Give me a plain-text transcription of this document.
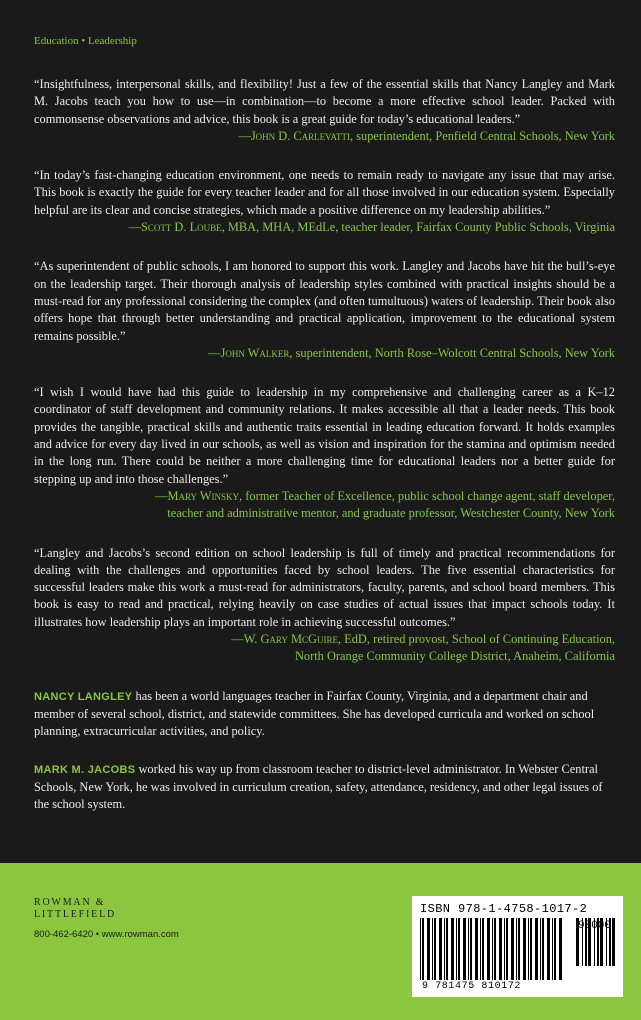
Education • Leadership

“Insightfulness, interpersonal skills, and flexibility! Just a few of the essential skills that Nancy Langley and Mark M. Jacobs teach you how to use—in combination—to become a more effective school leader. Packed with commonsense observations and advice, this book is a great guide for today’s educational leaders.”

—John D. Carlevatti, superintendent, Penfield Central Schools, New York

“In today’s fast-changing education environment, one needs to remain ready to navigate any issue that may arise. This book is exactly the guide for every teacher leader and for all those involved in our education system. Especially helpful are its clear and concise strategies, which made a positive difference on my leadership abilities.”

—Scott D. Loube, MBA, MHA, MEdLe, teacher leader, Fairfax County Public Schools, Virginia

“As superintendent of public schools, I am honored to support this work. Langley and Jacobs have hit the bull’s-eye on the leadership target. Their thorough analysis of leadership styles combined with practical insights should be a must-read for any professional considering the complex (and often tumultuous) waters of leadership. Their book also offers hope that through better understanding and practical application, improvement to the educational system remains possible.”

—John Walker, superintendent, North Rose–Wolcott Central Schools, New York

“I wish I would have had this guide to leadership in my comprehensive and challenging career as a K–12 coordinator of staff development and community relations. It makes accessible all that a leader needs. This book provides the tangible, practical skills and authentic traits essential in leading education forward. It holds examples and advice for every day lived in our schools, as well as vision and inspiration for the stamina and optimism needed in the long run. There could be neither a more challenging time for educational leaders nor a better guide for stepping up and into those challenges.”

—Mary Winsky, former Teacher of Excellence, public school change agent, staff developer,
teacher and administrative mentor, and graduate professor, Westchester County, New York

“Langley and Jacobs’s second edition on school leadership is full of timely and practical recommendations for dealing with the challenges and opportunities faced by school leaders. The five essential characteristics for successful leaders make this work a must-read for administrators, faculty, parents, and school board members. This book is easy to read and practical, relying heavily on case studies of actual issues that impact schools today. It illustrates how leadership plays an important role in achieving successful outcomes.”

—W. Gary McGuire, EdD, retired provost, School of Continuing Education,
North Orange Community College District, Anaheim, California

NANCY LANGLEY has been a world languages teacher in Fairfax County, Virginia, and a department chair and member of several school, district, and statewide committees. She has developed curricula and worked on school planning, extracurricular activities, and policy.

MARK M. JACOBS worked his way up from classroom teacher to district-level administrator. In Webster Central Schools, New York, he was involved in curriculum creation, safety, attendance, residency, and other legal issues of the school system.

ROWMAN &
LITTLEFIELD
800-462-6420 • www.rowman.com
ISBN 978-1-4758-1017-2
90000
9 781475 810172
